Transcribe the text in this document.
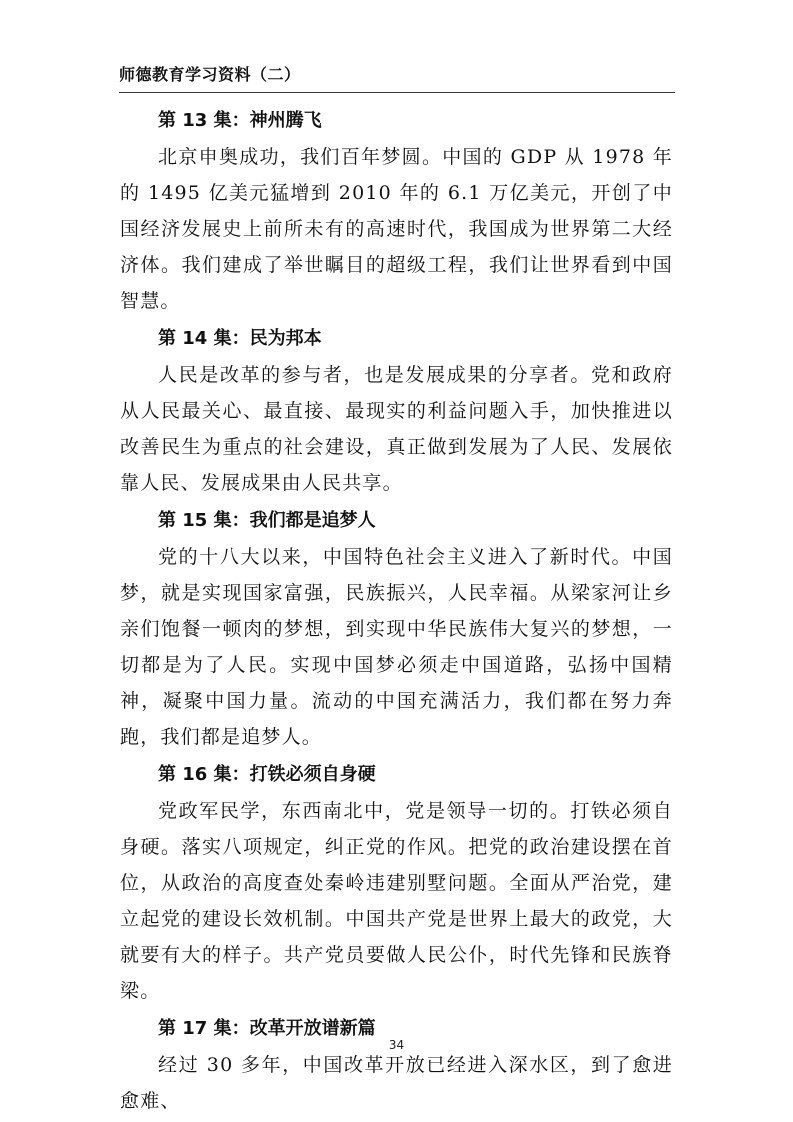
师德教育学习资料（二）
第 13 集：神州腾飞

北京申奥成功，我们百年梦圆。中国的 GDP 从 1978 年的 1495 亿美元猛增到 2010 年的 6.1 万亿美元，开创了中国经济发展史上前所未有的高速时代，我国成为世界第二大经济体。我们建成了举世瞩目的超级工程，我们让世界看到中国智慧。

第 14 集：民为邦本

人民是改革的参与者，也是发展成果的分享者。党和政府从人民最关心、最直接、最现实的利益问题入手，加快推进以改善民生为重点的社会建设，真正做到发展为了人民、发展依靠人民、发展成果由人民共享。

第 15 集：我们都是追梦人

党的十八大以来，中国特色社会主义进入了新时代。中国梦，就是实现国家富强，民族振兴，人民幸福。从梁家河让乡亲们饱餐一顿肉的梦想，到实现中华民族伟大复兴的梦想，一切都是为了人民。实现中国梦必须走中国道路，弘扬中国精神，凝聚中国力量。流动的中国充满活力，我们都在努力奔跑，我们都是追梦人。

第 16 集：打铁必须自身硬

党政军民学，东西南北中，党是领导一切的。打铁必须自身硬。落实八项规定，纠正党的作风。把党的政治建设摆在首位，从政治的高度查处秦岭违建别墅问题。全面从严治党，建立起党的建设长效机制。中国共产党是世界上最大的政党，大就要有大的样子。共产党员要做人民公仆，时代先锋和民族脊梁。

第 17 集：改革开放谱新篇

经过 30 多年，中国改革开放已经进入深水区，到了愈进愈难、

34
